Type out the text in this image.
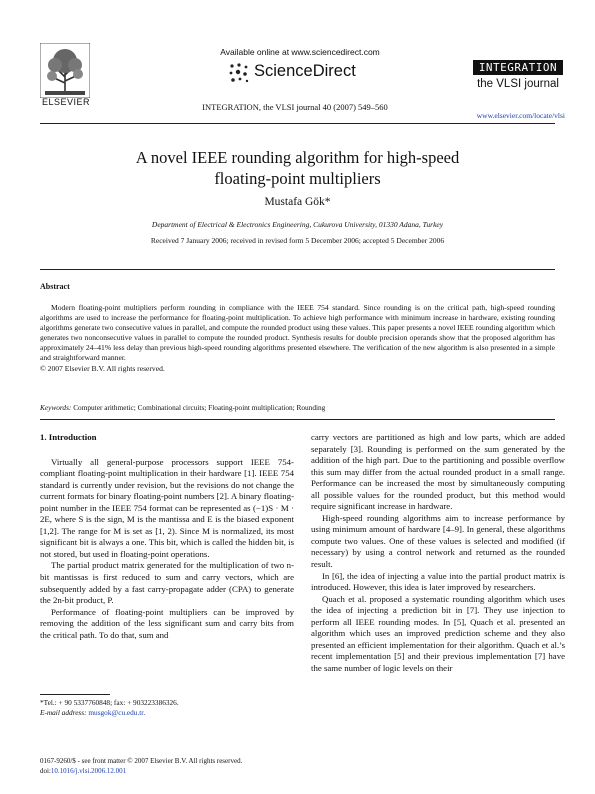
ELSEVIER
Available online at www.sciencedirect.com
ScienceDirect
INTEGRATION, the VLSI journal 40 (2007) 549–560
INTEGRATION
the VLSI journal
www.elsevier.com/locate/vlsi
A novel IEEE rounding algorithm for high-speed
floating-point multipliers
Mustafa Gök*
Department of Electrical & Electronics Engineering, Cukurova University, 01330 Adana, Turkey
Received 7 January 2006; received in revised form 5 December 2006; accepted 5 December 2006
Abstract

Modern floating-point multipliers perform rounding in compliance with the IEEE 754 standard. Since rounding is on the critical path, high-speed rounding algorithms are used to increase the performance for floating-point multiplication. To achieve high performance with minimum increase in hardware, existing rounding algorithms generate two consecutive values in parallel, and compute the rounded product using these values. This paper presents a novel IEEE rounding algorithm which generates two nonconsecutive values in parallel to compute the rounded product. Synthesis results for double precision operands show that the proposed algorithm has approximately 24–41% less delay than previous high-speed rounding algorithms presented elsewhere. The verification of the new algorithm is also presented in a simple and straightforward manner.

© 2007 Elsevier B.V. All rights reserved.
Keywords: Computer arithmetic; Combinational circuits; Floating-point multiplication; Rounding
1. Introduction

Virtually all general-purpose processors support IEEE 754-compliant floating-point multiplication in their hardware [1]. IEEE 754 standard is currently under revision, but the revisions do not change the current formats for binary floating-point numbers [2]. A binary floating-point number in the IEEE 754 format can be represented as (−1)S · M · 2E, where S is the sign, M is the mantissa and E is the biased exponent [1,2]. The range for M is set as [1, 2). Since M is normalized, its most significant bit is always a one. This bit, which is called the hidden bit, is not stored, but used in floating-point operations.

The partial product matrix generated for the multiplication of two n-bit mantissas is first reduced to sum and carry vectors, which are subsequently added by a fast carry-propagate adder (CPA) to generate the 2n-bit product, P.

Performance of floating-point multipliers can be improved by removing the addition of the less significant sum and carry bits from the critical path. To do that, sum and

carry vectors are partitioned as high and low parts, which are added separately [3]. Rounding is performed on the sum generated by the addition of the high part. Due to the partitioning and possible overflow this sum may differ from the actual rounded product in a small range. Performance can be increased the most by simultaneously computing all possible values for the rounded product, but this method would require significant increase in hardware.

High-speed rounding algorithms aim to increase performance by using minimum amount of hardware [4–9]. In general, these algorithms compute two values. One of these values is selected and modified (if necessary) by using a control network and returned as the rounded result.

In [6], the idea of injecting a value into the partial product matrix is introduced. However, this idea is later improved by researchers.

Quach et al. proposed a systematic rounding algorithm which uses the idea of injecting a prediction bit in [7]. They use injection to perform all IEEE rounding modes. In [5], Quach et al. presented an algorithm which uses an improved prediction scheme and they also presented an efficient implementation for their algorithm. Quach et al.’s recent implementation [5] and their previous implementation [7] have the same number of logic levels on their

*Tel.: + 90 5337760848; fax: + 903223386326.
E-mail address: musgok@cu.edu.tr.
0167-9260/$ - see front matter © 2007 Elsevier B.V. All rights reserved.
doi:10.1016/j.vlsi.2006.12.001
